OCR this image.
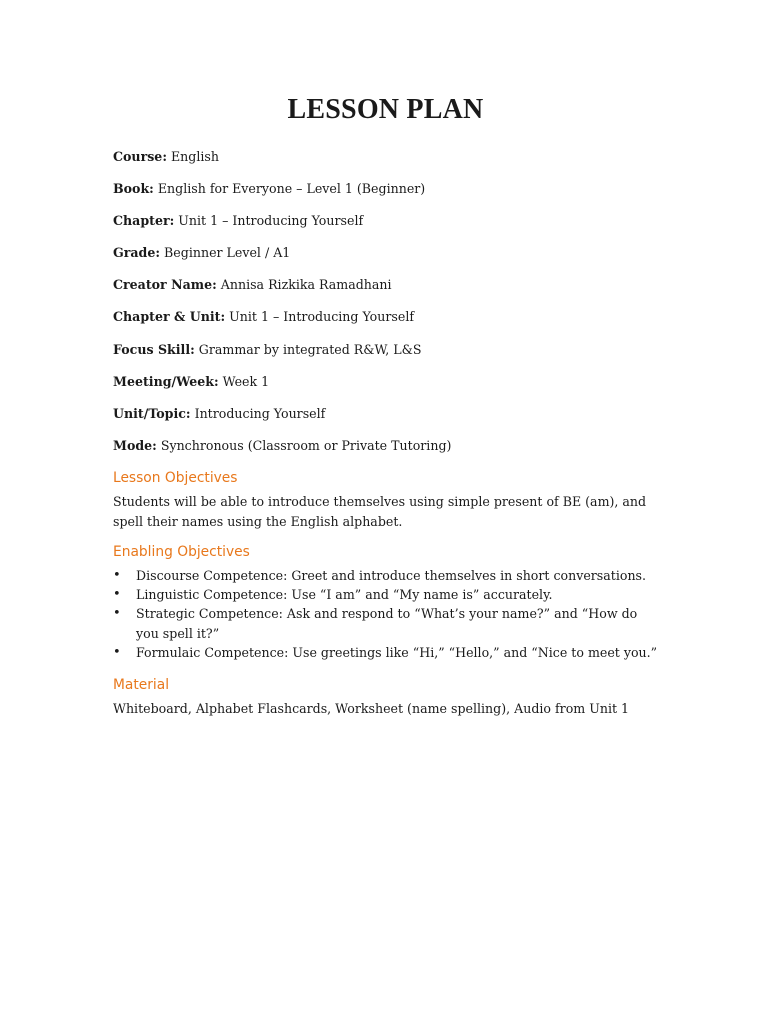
LESSON PLAN
Course: English
Book: English for Everyone – Level 1 (Beginner)
Chapter: Unit 1 – Introducing Yourself
Grade: Beginner Level / A1
Creator Name: Annisa Rizkika Ramadhani
Chapter & Unit: Unit 1 – Introducing Yourself
Focus Skill: Grammar by integrated R&W, L&S
Meeting/Week: Week 1
Unit/Topic: Introducing Yourself
Mode: Synchronous (Classroom or Private Tutoring)
Lesson Objectives

Students will be able to introduce themselves using simple present of BE (am), and spell their names using the English alphabet.

Enabling Objectives
• Discourse Competence: Greet and introduce themselves in short conversations.
• Linguistic Competence: Use “I am” and “My name is” accurately.
• Strategic Competence: Ask and respond to “What’s your name?” and “How do you spell it?”
• Formulaic Competence: Use greetings like “Hi,” “Hello,” and “Nice to meet you.”
Material

Whiteboard, Alphabet Flashcards, Worksheet (name spelling), Audio from Unit 1
